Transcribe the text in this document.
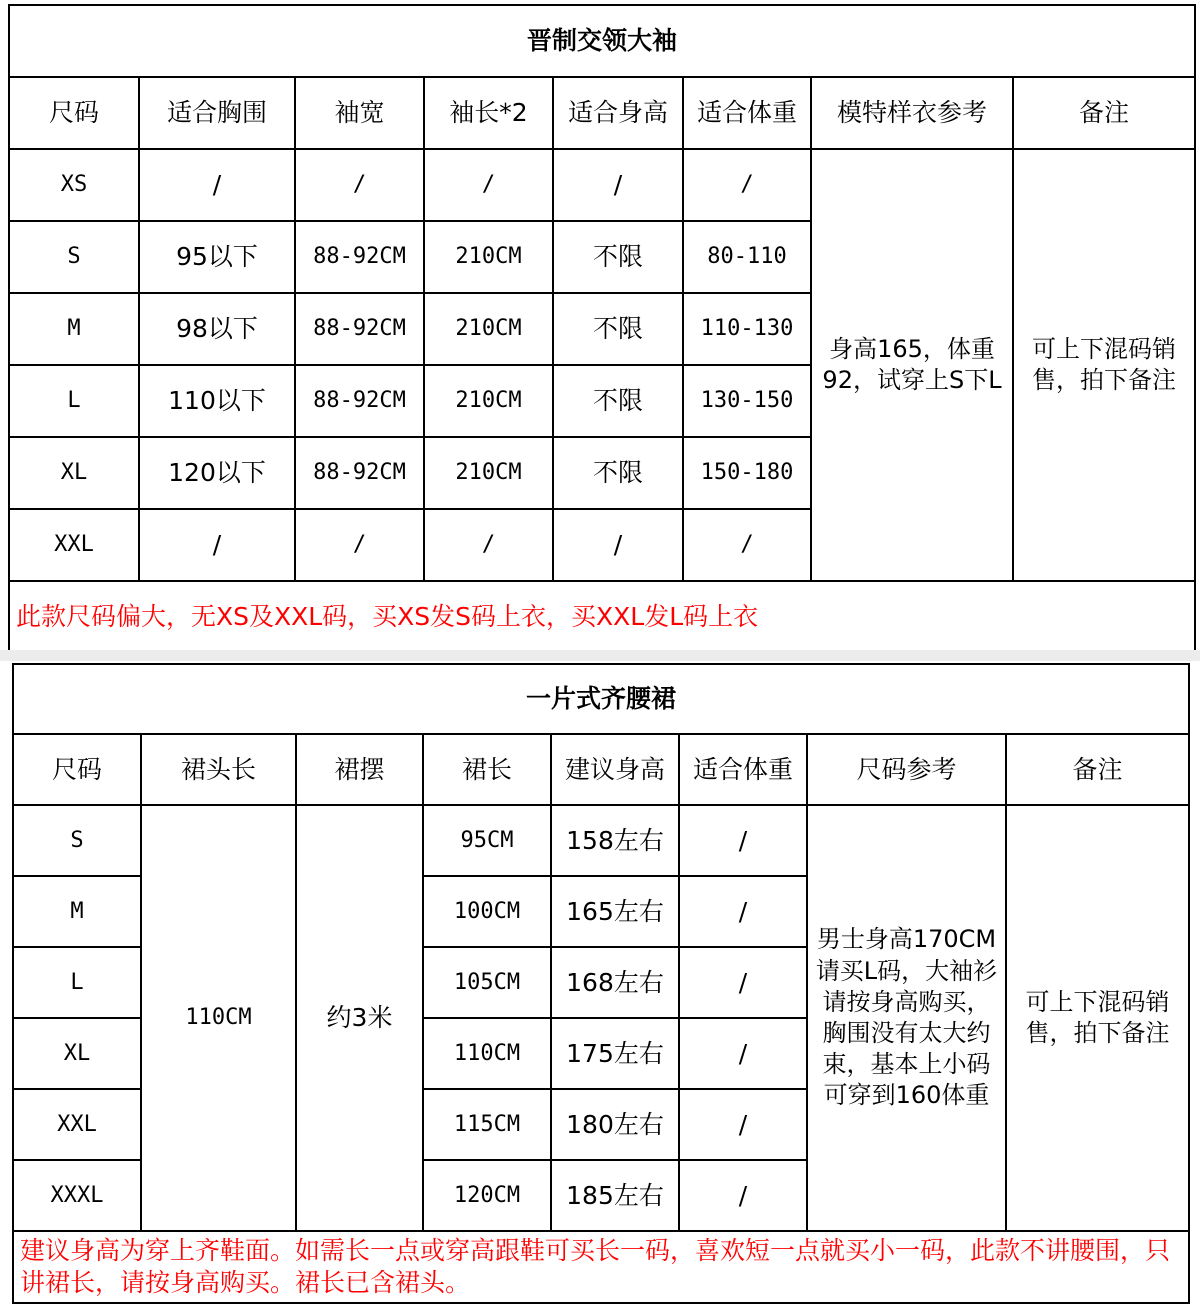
晋制交领大袖							
尺码	适合胸围	袖宽	袖长*2	适合身高	适合体重	模特样衣参考	备注
XS	/	/	/	/	/	身高165，体重92，试穿上S下L	可上下混码销售，拍下备注
S	95以下	88-92CM	210CM	不限	80-110		
M	98以下	88-92CM	210CM	不限	110-130		
L	110以下	88-92CM	210CM	不限	130-150		
XL	120以下	88-92CM	210CM	不限	150-180		
XXL	/	/	/	/	/		
此款尺码偏大，无XS及XXL码，买XS发S码上衣，买XXL发L码上衣							
一片式齐腰裙							
尺码	裙头长	裙摆	裙长	建议身高	适合体重	尺码参考	备注
S	110CM	约3米	95CM	158左右	/	男士身高170CM请买L码，大袖衫请按身高购买，胸围没有太大约束，基本上小码可穿到160体重	可上下混码销售，拍下备注
M			100CM	165左右	/		
L			105CM	168左右	/		
XL			110CM	175左右	/		
XXL			115CM	180左右	/		
XXXL			120CM	185左右	/		
建议身高为穿上齐鞋面。如需长一点或穿高跟鞋可买长一码，喜欢短一点就买小一码，此款不讲腰围，只讲裙长，请按身高购买。裙长已含裙头。							
